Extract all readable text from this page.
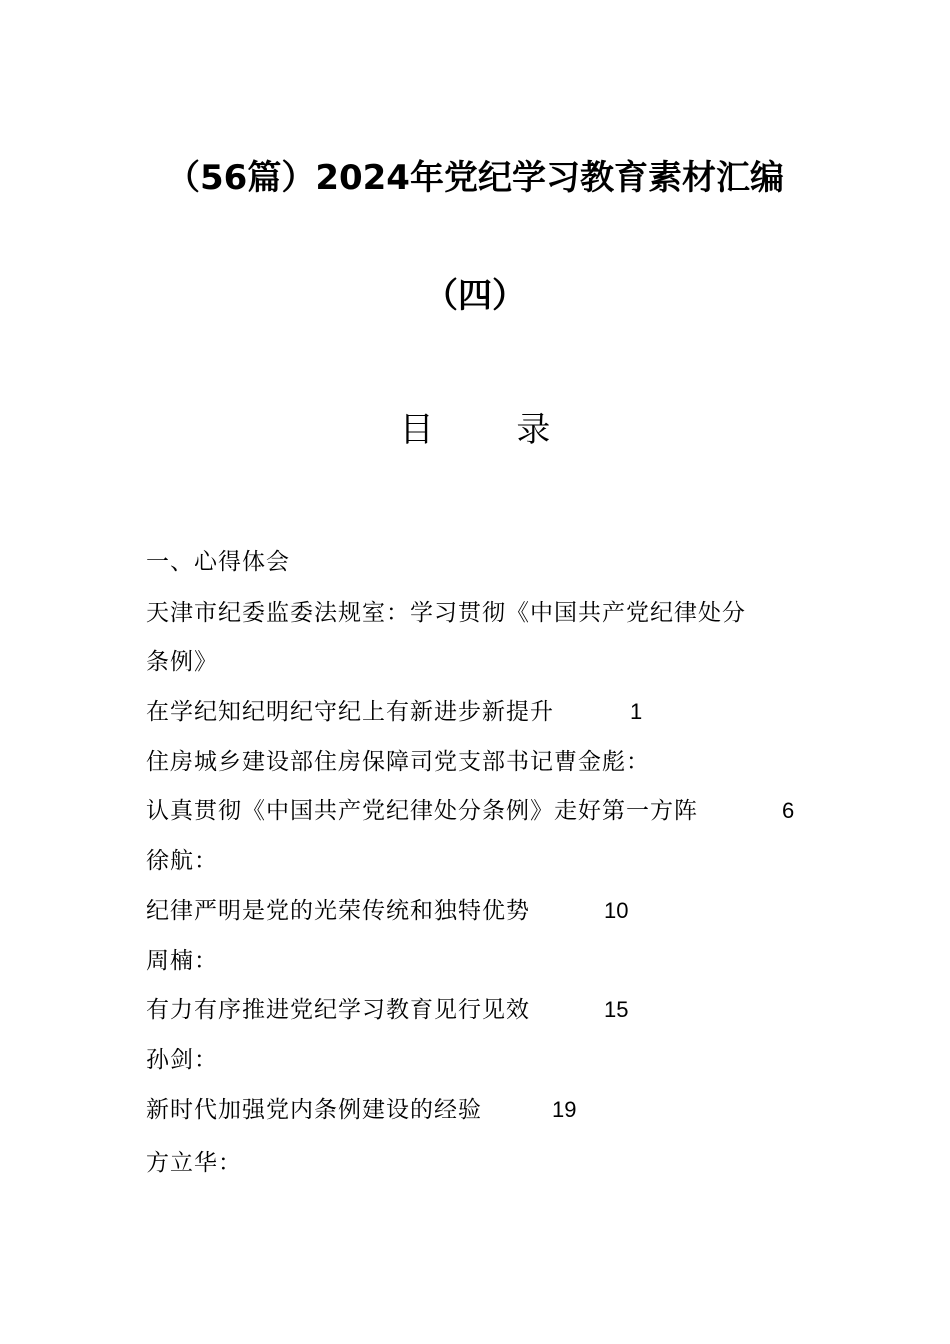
（56篇）2024年党纪学习教育素材汇编
（四）
目 录
一、心得体会
天津市纪委监委法规室：学习贯彻《中国共产党纪律处分
条例》
在学纪知纪明纪守纪上有新进步新提升	1
住房城乡建设部住房保障司党支部书记曹金彪：
认真贯彻《中国共产党纪律处分条例》走好第一方阵	6
徐航：
纪律严明是党的光荣传统和独特优势	10
周楠：
有力有序推进党纪学习教育见行见效	15
孙剑：
新时代加强党内条例建设的经验	19
方立华：
